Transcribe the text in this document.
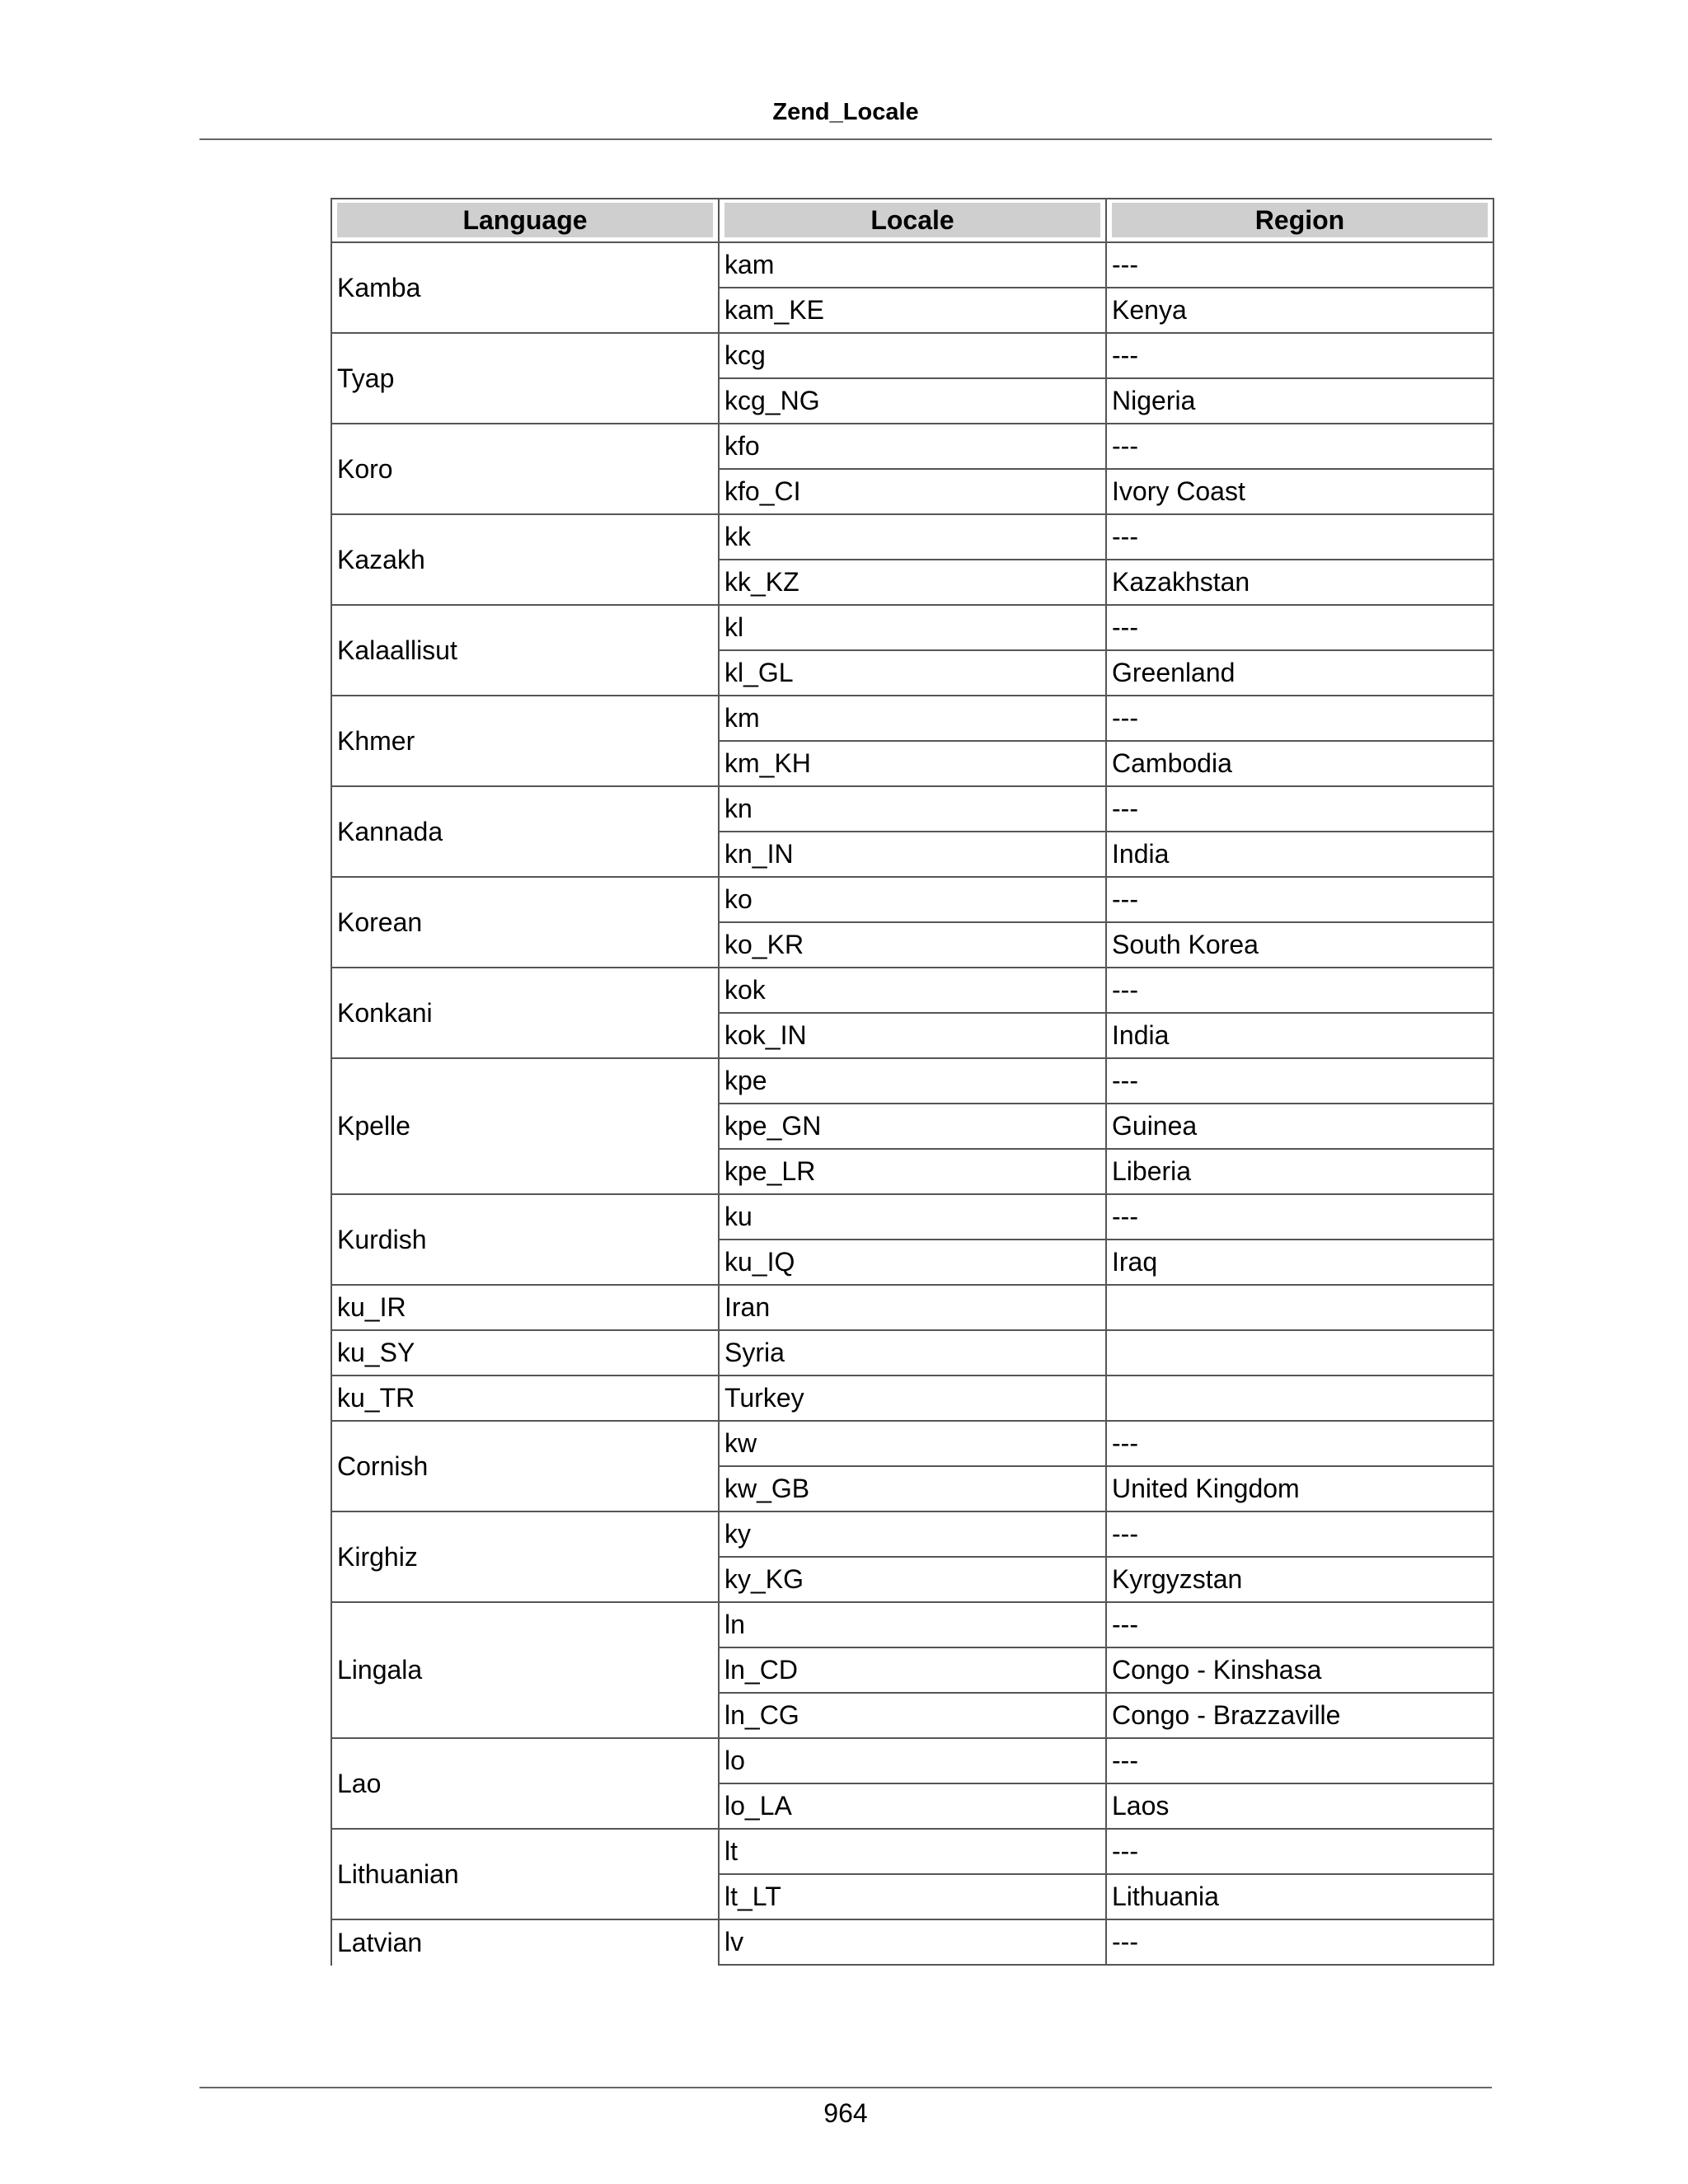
Zend_Locale
Language	Locale	Region

Kamba	kam	---
	kam_KE	Kenya
Tyap	kcg	---
	kcg_NG	Nigeria
Koro	kfo	---
	kfo_CI	Ivory Coast
Kazakh	kk	---
	kk_KZ	Kazakhstan
Kalaallisut	kl	---
	kl_GL	Greenland
Khmer	km	---
	km_KH	Cambodia
Kannada	kn	---
	kn_IN	India
Korean	ko	---
	ko_KR	South Korea
Konkani	kok	---
	kok_IN	India
Kpelle	kpe	---
	kpe_GN	Guinea
	kpe_LR	Liberia
Kurdish	ku	---
	ku_IQ	Iraq
ku_IR	Iran	
ku_SY	Syria	
ku_TR	Turkey	
Cornish	kw	---
	kw_GB	United Kingdom
Kirghiz	ky	---
	ky_KG	Kyrgyzstan
Lingala	ln	---
	ln_CD	Congo - Kinshasa
	ln_CG	Congo - Brazzaville
Lao	lo	---
	lo_LA	Laos
Lithuanian	lt	---
	lt_LT	Lithuania
Latvian	lv	---
964
